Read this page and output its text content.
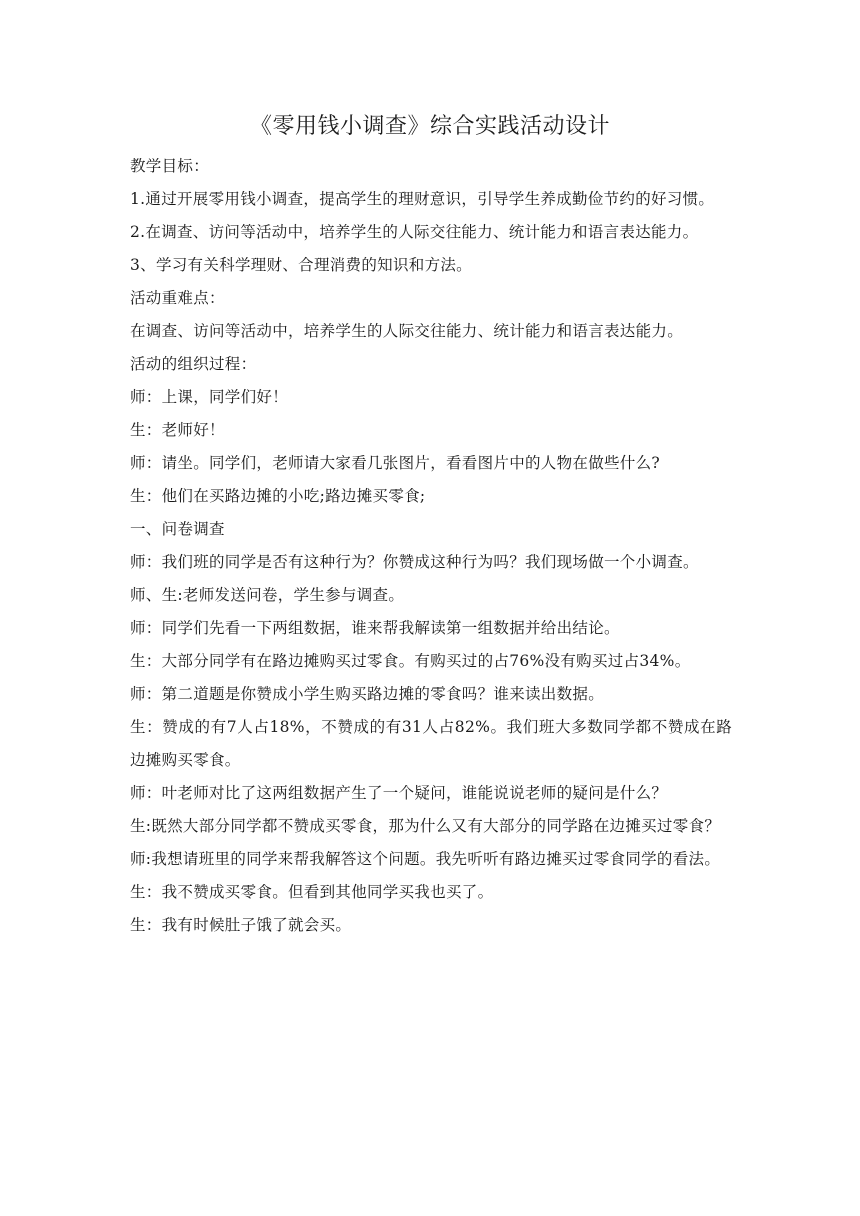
《零用钱小调查》综合实践活动设计
教学目标：
1.通过开展零用钱小调查，提高学生的理财意识，引导学生养成勤俭节约的好习惯。
2.在调查、访问等活动中，培养学生的人际交往能力、统计能力和语言表达能力。
3、学习有关科学理财、合理消费的知识和方法。
活动重难点：
在调查、访问等活动中，培养学生的人际交往能力、统计能力和语言表达能力。
活动的组织过程：
师：上课，同学们好！
生：老师好！
师：请坐。同学们，老师请大家看几张图片，看看图片中的人物在做些什么?
生：他们在买路边摊的小吃;路边摊买零食;
一、问卷调查
师：我们班的同学是否有这种行为？你赞成这种行为吗？我们现场做一个小调查。
师、生:老师发送问卷，学生参与调查。
师：同学们先看一下两组数据，谁来帮我解读第一组数据并给出结论。
生：大部分同学有在路边摊购买过零食。有购买过的占76%没有购买过占34%。
师：第二道题是你赞成小学生购买路边摊的零食吗？谁来读出数据。
生：赞成的有7人占18%，不赞成的有31人占82%。我们班大多数同学都不赞成在路边摊购买零食。
师：叶老师对比了这两组数据产生了一个疑问，谁能说说老师的疑问是什么？
生:既然大部分同学都不赞成买零食，那为什么又有大部分的同学路在边摊买过零食？
师:我想请班里的同学来帮我解答这个问题。我先听听有路边摊买过零食同学的看法。
生：我不赞成买零食。但看到其他同学买我也买了。
生：我有时候肚子饿了就会买。
